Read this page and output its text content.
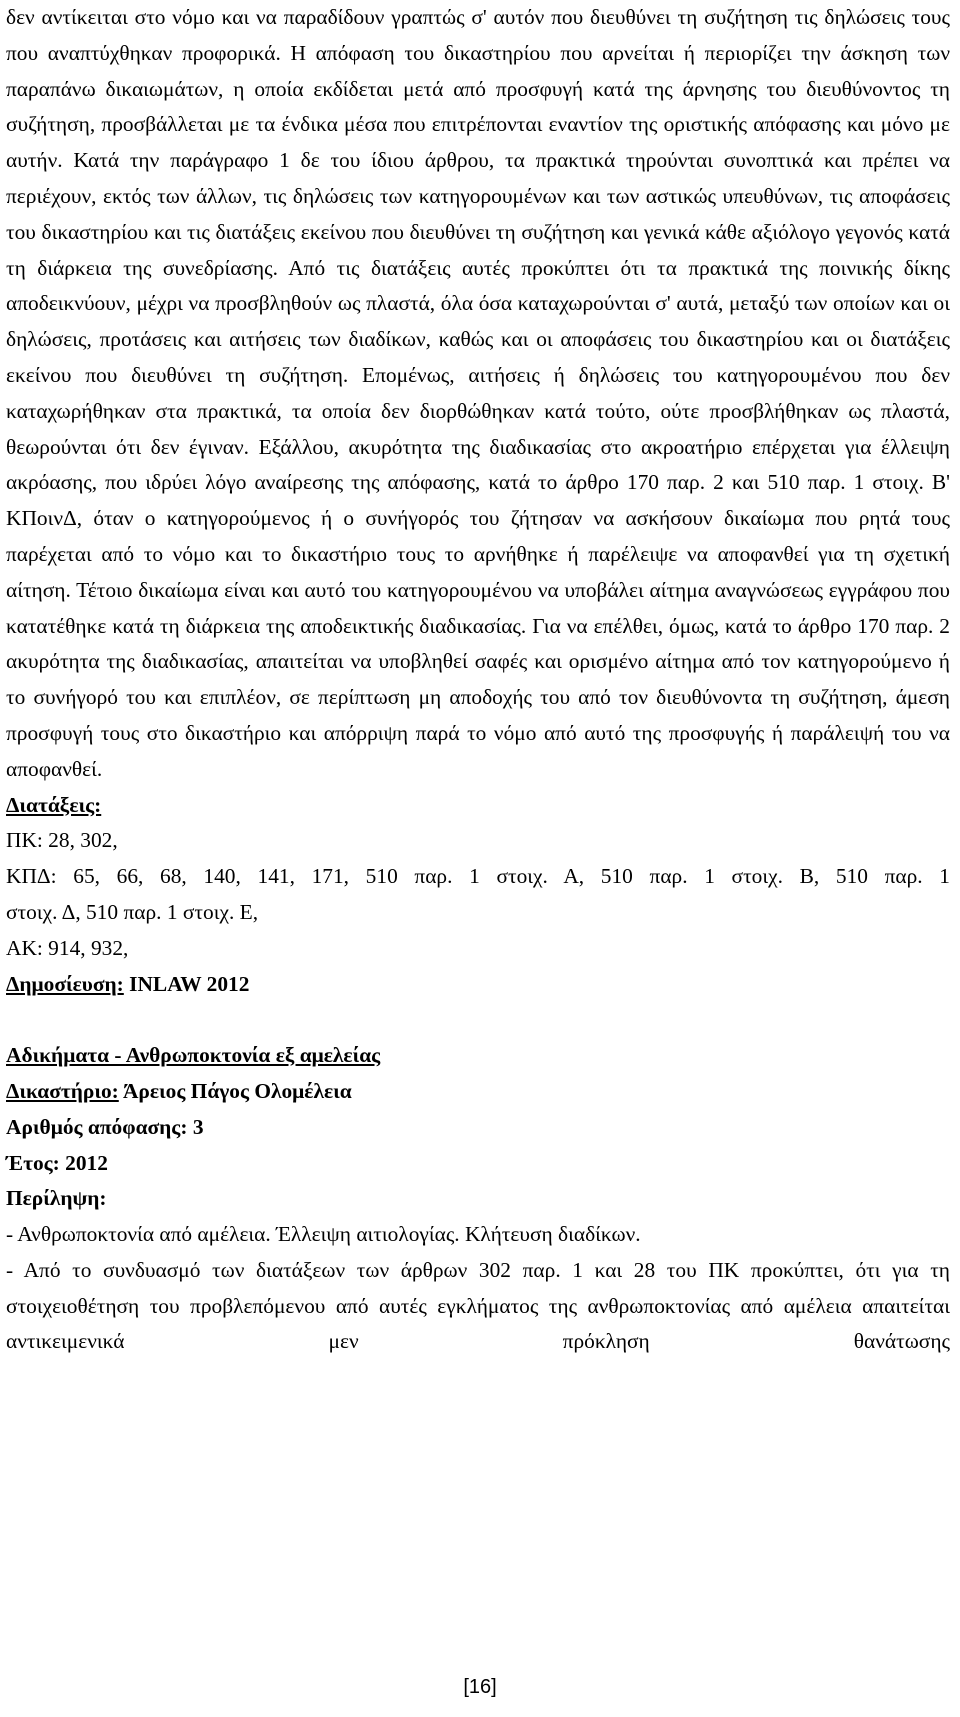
δεν αντίκειται στο νόμο και να παραδίδουν γραπτώς σ' αυτόν που διευθύνει τη συζήτηση τις δηλώσεις τους που αναπτύχθηκαν προφορικά. Η απόφαση του δικαστηρίου που αρνείται ή περιορίζει την άσκηση των παραπάνω δικαιωμάτων, η οποία εκδίδεται μετά από προσφυγή κατά της άρνησης του διευθύνοντος τη συζήτηση, προσβάλλεται με τα ένδικα μέσα που επιτρέπονται εναντίον της οριστικής απόφασης και μόνο με αυτήν. Κατά την παράγραφο 1 δε του ίδιου άρθρου, τα πρακτικά τηρούνται συνοπτικά και πρέπει να περιέχουν, εκτός των άλλων, τις δηλώσεις των κατηγορουμένων και των αστικώς υπευθύνων, τις αποφάσεις του δικαστηρίου και τις διατάξεις εκείνου που διευθύνει τη συζήτηση και γενικά κάθε αξιόλογο γεγονός κατά τη διάρκεια της συνεδρίασης. Από τις διατάξεις αυτές προκύπτει ότι τα πρακτικά της ποινικής δίκης αποδεικνύουν, μέχρι να προσβληθούν ως πλαστά, όλα όσα καταχωρούνται σ' αυτά, μεταξύ των οποίων και οι δηλώσεις, προτάσεις και αιτήσεις των διαδίκων, καθώς και οι αποφάσεις του δικαστηρίου και οι διατάξεις εκείνου που διευθύνει τη συζήτηση. Επομένως, αιτήσεις ή δηλώσεις του κατηγορουμένου που δεν καταχωρήθηκαν στα πρακτικά, τα οποία δεν διορθώθηκαν κατά τούτο, ούτε προσβλήθηκαν ως πλαστά, θεωρούνται ότι δεν έγιναν. Εξάλλου, ακυρότητα της διαδικασίας στο ακροατήριο επέρχεται για έλλειψη ακρόασης, που ιδρύει λόγο αναίρεσης της απόφασης, κατά το άρθρο 170 παρ. 2 και 510 παρ. 1 στοιχ. Β' ΚΠοινΔ, όταν ο κατηγορούμενος ή ο συνήγορός του ζήτησαν να ασκήσουν δικαίωμα που ρητά τους παρέχεται από το νόμο και το δικαστήριο τους το αρνήθηκε ή παρέλειψε να αποφανθεί για τη σχετική αίτηση. Τέτοιο δικαίωμα είναι και αυτό του κατηγορουμένου να υποβάλει αίτημα αναγνώσεως εγγράφου που κατατέθηκε κατά τη διάρκεια της αποδεικτικής διαδικασίας. Για να επέλθει, όμως, κατά το άρθρο 170 παρ. 2 ακυρότητα της διαδικασίας, απαιτείται να υποβληθεί σαφές και ορισμένο αίτημα από τον κατηγορούμενο ή το συνήγορό του και επιπλέον, σε περίπτωση μη αποδοχής του από τον διευθύνοντα τη συζήτηση, άμεση προσφυγή τους στο δικαστήριο και απόρριψη παρά το νόμο από αυτό της προσφυγής ή παράλειψή του να αποφανθεί.

Διατάξεις:

ΠΚ: 28, 302,

ΚΠΔ: 65, 66, 68, 140, 141, 171, 510 παρ. 1 στοιχ. Α, 510 παρ. 1 στοιχ. Β, 510 παρ. 1

στοιχ. Δ, 510 παρ. 1 στοιχ. Ε,

ΑΚ: 914, 932,

Δημοσίευση: INLAW 2012

Αδικήματα - Ανθρωποκτονία εξ αμελείας

Δικαστήριο: Άρειος Πάγος Ολομέλεια

Αριθμός απόφασης: 3

Έτος: 2012

Περίληψη:

- Ανθρωποκτονία από αμέλεια. Έλλειψη αιτιολογίας. Κλήτευση διαδίκων.

- Από το συνδυασμό των διατάξεων των άρθρων 302 παρ. 1 και 28 του ΠΚ προκύπτει, ότι για τη στοιχειοθέτηση του προβλεπόμενου από αυτές εγκλήματος της ανθρωποκτονίας από αμέλεια απαιτείται αντικειμενικά μεν πρόκληση θανάτωσης

[16]
